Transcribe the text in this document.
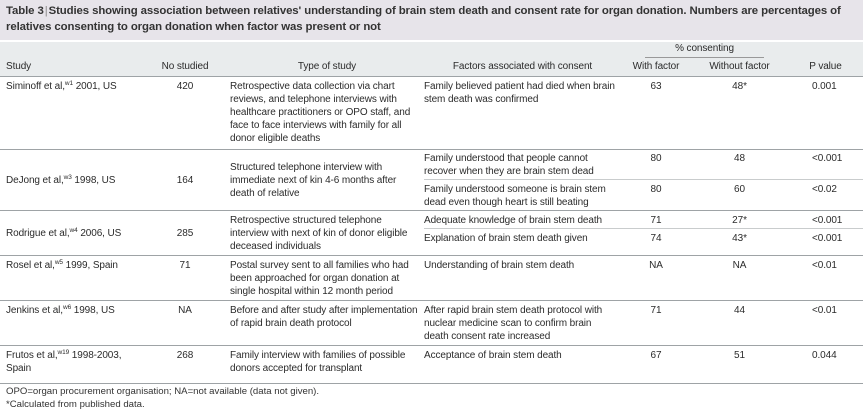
Table 3|Studies showing association between relatives' understanding of brain stem death and consent rate for organ donation. Numbers are percentages of relatives consenting to organ donation when factor was present or not
				% consenting		
Study	No studied	Type of study	Factors associated with consent	With factor	Without factor	P value
Siminoff et al,$^{w1}$ 2001, US	420	Retrospective data collection via chart reviews, and telephone interviews with healthcare practitioners or OPO staff, and face to face interviews with family for all donor eligible deaths	Family believed patient had died when brain stem death was confirmed	63	48*	0.001
DeJong et al,$^{w3}$ 1998, US	164	Structured telephone interview with immediate next of kin 4-6 months after death of relative	Family understood that people cannot recover when they are brain stem dead	80	48	<0.001
			Family understood someone is brain stem dead even though heart is still beating	80	60	<0.02
Rodrigue et al,$^{w4}$ 2006, US	285	Retrospective structured telephone interview with next of kin of donor eligible deceased individuals	Adequate knowledge of brain stem death	71	27*	<0.001
			Explanation of brain stem death given	74	43*	<0.001
Rosel et al,$^{w5}$ 1999, Spain	71	Postal survey sent to all families who had been approached for organ donation at single hospital within 12 month period	Understanding of brain stem death	NA	NA	<0.01
Jenkins et al,$^{w6}$ 1998, US	NA	Before and after study after implementation of rapid brain death protocol	After rapid brain stem death protocol with nuclear medicine scan to confirm brain death consent rate increased	71	44	<0.01
Frutos et al,$^{w19}$ 1998-2003, Spain	268	Family interview with families of possible donors accepted for transplant	Acceptance of brain stem death	67	51	0.044
OPO=organ procurement organisation; NA=not available (data not given).
*Calculated from published data.
